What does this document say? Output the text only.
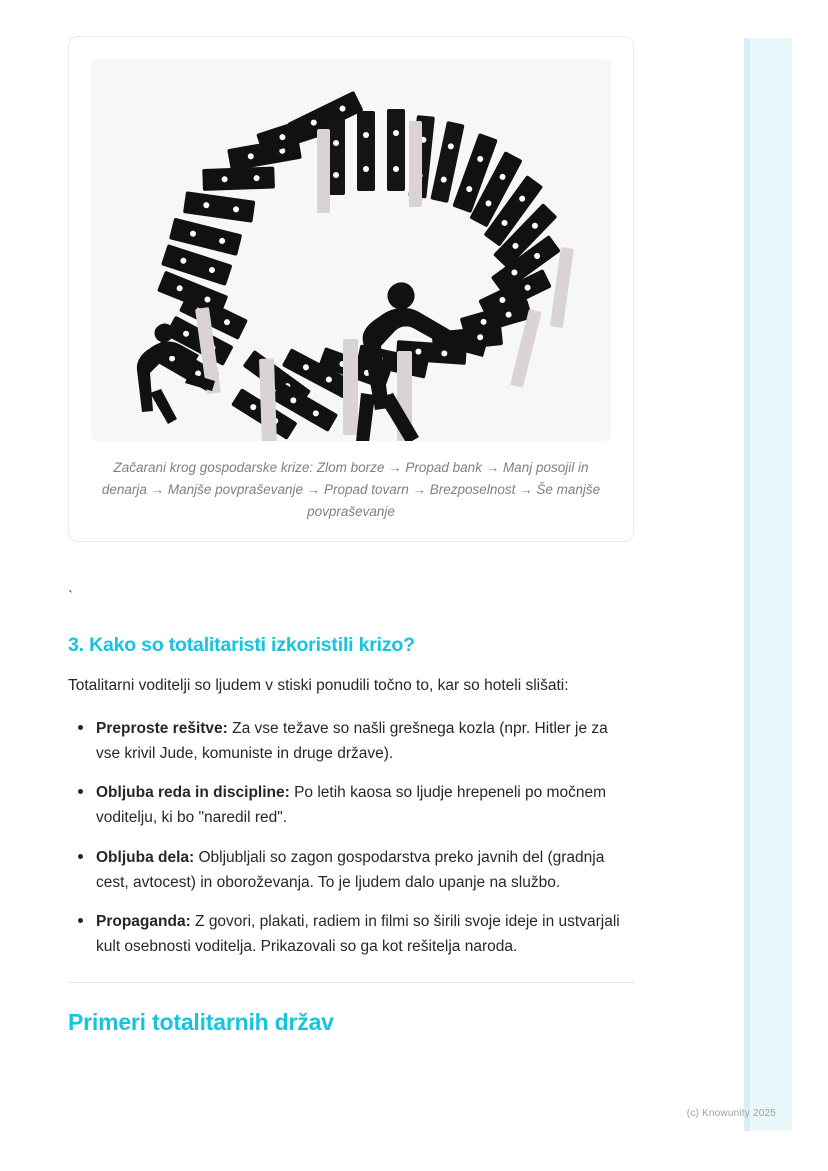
Začarani krog gospodarske krize: Zlom borze → Propad bank → Manj posojil in denarja → Manjše povpraševanje → Propad tovarn → Brezposelnost → Še manjše povpraševanje
`
3. Kako so totalitaristi izkoristili krizo?

Totalitarni voditelji so ljudem v stiski ponudili točno to, kar so hoteli slišati:

Preproste rešitve: Za vse težave so našli grešnega kozla (npr. Hitler je za vse krivil Jude, komuniste in druge države).
Obljuba reda in discipline: Po letih kaosa so ljudje hrepeneli po močnem voditelju, ki bo "naredil red".
Obljuba dela: Obljubljali so zagon gospodarstva preko javnih del (gradnja cest, avtocest) in oboroževanja. To je ljudem dalo upanje na službo.
Propaganda: Z govori, plakati, radiem in filmi so širili svoje ideje in ustvarjali kult osebnosti voditelja. Prikazovali so ga kot rešitelja naroda.
Primeri totalitarnih držav
(c) Knowunity 2025
